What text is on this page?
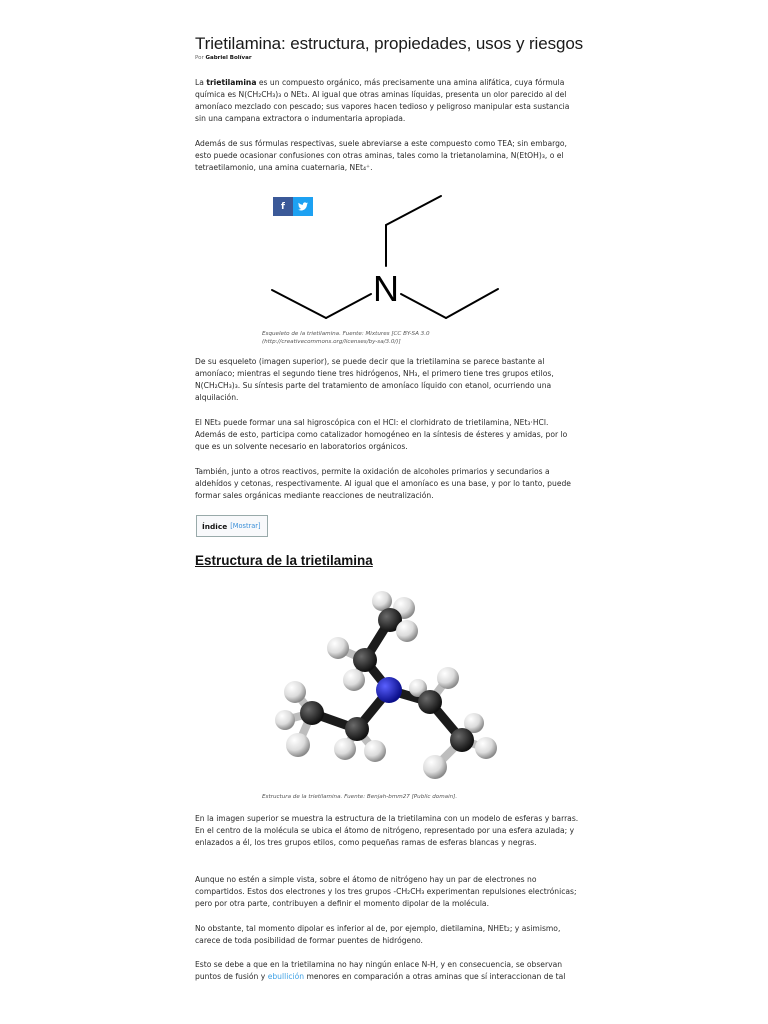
Trietilamina: estructura, propiedades, usos y riesgos
Por Gabriel Bolívar

La trietilamina es un compuesto orgánico, más precisamente una amina alifática, cuya fórmula química es N(CH₂CH₃)₃ o NEt₃. Al igual que otras aminas líquidas, presenta un olor parecido al del amoníaco mezclado con pescado; sus vapores hacen tedioso y peligroso manipular esta sustancia sin una campana extractora o indumentaria apropiada.

Además de sus fórmulas respectivas, suele abreviarse a este compuesto como TEA; sin embargo, esto puede ocasionar confusiones con otras aminas, tales como la trietanolamina, N(EtOH)₃, o el tetraetilamonio, una amina cuaternaria, NEt₄⁺.

f
N

Esqueleto de la trietilamina. Fuente: Mixtures [CC BY-SA 3.0
(http://creativecommons.org/licenses/by-sa/3.0/)]

De su esqueleto (imagen superior), se puede decir que la trietilamina se parece bastante al amoníaco; mientras el segundo tiene tres hidrógenos, NH₃, el primero tiene tres grupos etilos, N(CH₂CH₃)₃. Su síntesis parte del tratamiento de amoníaco líquido con etanol, ocurriendo una alquilación.

El NEt₃ puede formar una sal higroscópica con el HCl: el clorhidrato de trietilamina, NEt₃·HCl. Además de esto, participa como catalizador homogéneo en la síntesis de ésteres y amidas, por lo que es un solvente necesario en laboratorios orgánicos.

También, junto a otros reactivos, permite la oxidación de alcoholes primarios y secundarios a aldehídos y cetonas, respectivamente. Al igual que el amoníaco es una base, y por lo tanto, puede formar sales orgánicas mediante reacciones de neutralización.

Índice [Mostrar]
Estructura de la trietilamina

Estructura de la trietilamina. Fuente: Benjah-bmm27 [Public domain].

En la imagen superior se muestra la estructura de la trietilamina con un modelo de esferas y barras. En el centro de la molécula se ubica el átomo de nitrógeno, representado por una esfera azulada; y enlazados a él, los tres grupos etilos, como pequeñas ramas de esferas blancas y negras.

Aunque no estén a simple vista, sobre el átomo de nitrógeno hay un par de electrones no compartidos. Estos dos electrones y los tres grupos -CH₂CH₃ experimentan repulsiones electrónicas; pero por otra parte, contribuyen a definir el momento dipolar de la molécula.

No obstante, tal momento dipolar es inferior al de, por ejemplo, dietilamina, NHEt₂; y asimismo, carece de toda posibilidad de formar puentes de hidrógeno.

Esto se debe a que en la trietilamina no hay ningún enlace N-H, y en consecuencia, se observan puntos de fusión y ebullición menores en comparación a otras aminas que sí interaccionan de tal
